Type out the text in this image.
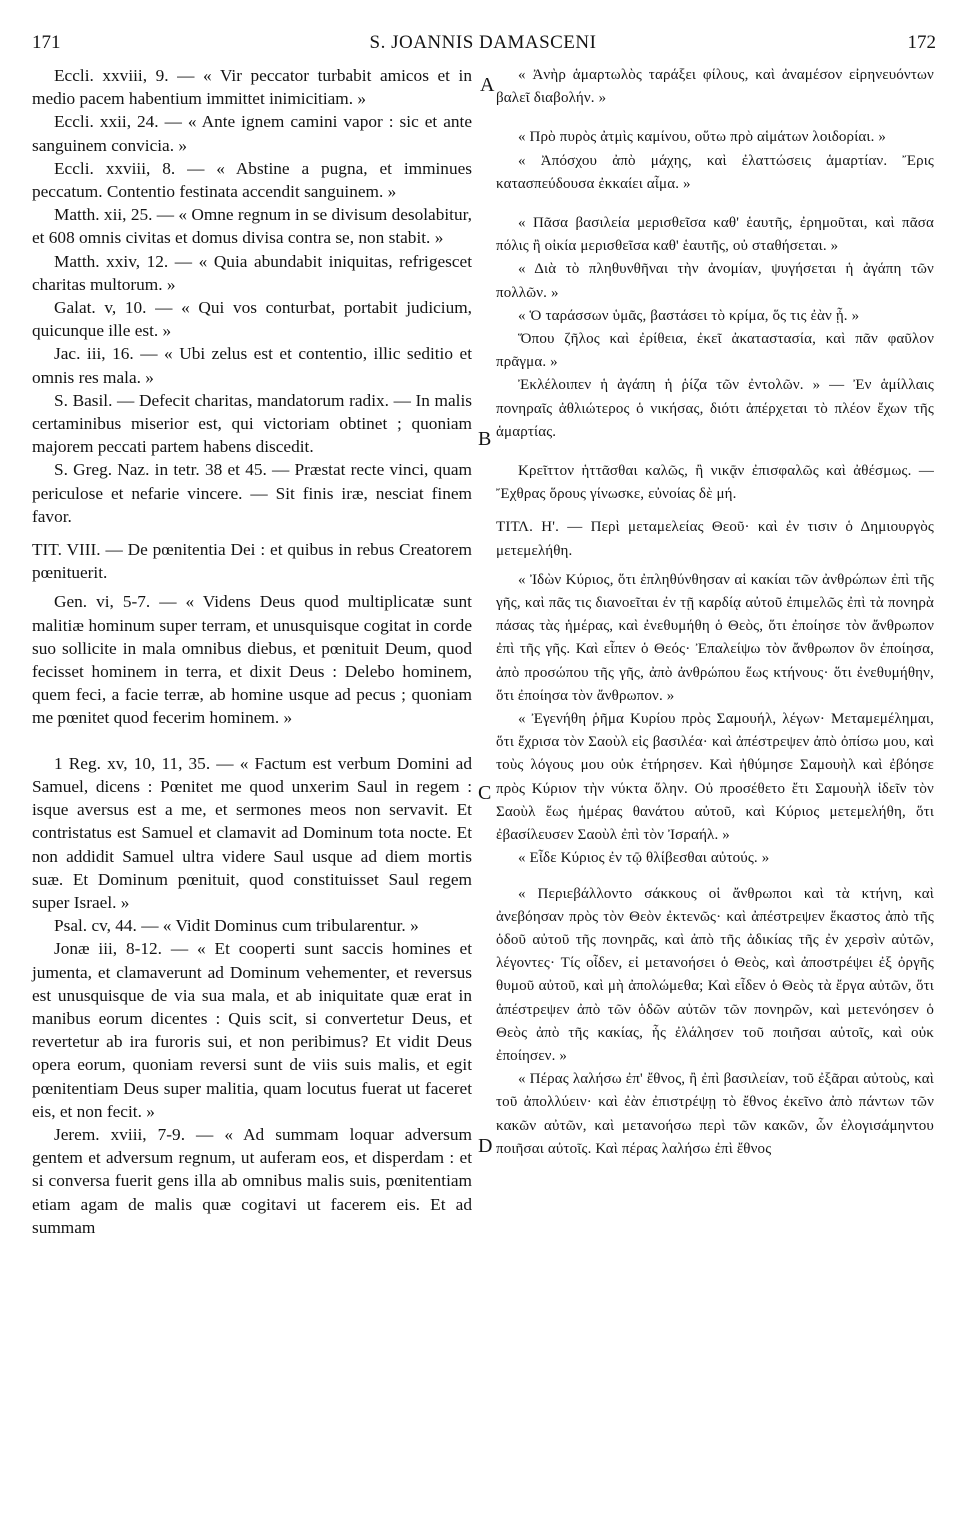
171	S. JOANNIS DAMASCENI	172
A
B
C
D

Eccli. xxviii, 9. — « Vir peccator turbabit amicos et in medio pacem habentium immittet inimicitiam. »

Eccli. xxii, 24. — « Ante ignem camini vapor : sic et ante sanguinem convicia. »

Eccli. xxviii, 8. — « Abstine a pugna, et imminues peccatum. Contentio festinata accendit sanguinem. »

Matth. xii, 25. — « Omne regnum in se divisum desolabitur, et 608 omnis civitas et domus divisa contra se, non stabit. »

Matth. xxiv, 12. — « Quia abundabit iniquitas, refrigescet charitas multorum. »

Galat. v, 10. — « Qui vos conturbat, portabit judicium, quicunque ille est. »

Jac. iii, 16. — « Ubi zelus est et contentio, illic seditio et omnis res mala. »

S. Basil. — Defecit charitas, mandatorum radix. — In malis certaminibus miserior est, qui victoriam obtinet ; quoniam majorem peccati partem habens discedit.

S. Greg. Naz. in tetr. 38 et 45. — Præstat recte vinci, quam periculose et nefarie vincere. — Sit finis iræ, nesciat finem favor.

TIT. VIII. — De pœnitentia Dei : et quibus in rebus Creatorem pœnituerit.

Gen. vi, 5-7. — « Videns Deus quod multiplicatæ sunt malitiæ hominum super terram, et unusquisque cogitat in corde suo sollicite in mala omnibus diebus, et pœnituit Deum, quod fecisset hominem in terra, et dixit Deus : Delebo hominem, quem feci, a facie terræ, ab homine usque ad pecus ; quoniam me pœnitet quod fecerim hominem. »

1 Reg. xv, 10, 11, 35. — « Factum est verbum Domini ad Samuel, dicens : Pœnitet me quod unxerim Saul in regem : isque aversus est a me, et sermones meos non servavit. Et contristatus est Samuel et clamavit ad Dominum tota nocte. Et non addidit Samuel ultra videre Saul usque ad diem mortis suæ. Et Dominum pœnituit, quod constituisset Saul regem super Israel. »

Psal. cv, 44. — « Vidit Dominus cum tribularentur. »

Jonæ iii, 8-12. — « Et cooperti sunt saccis homines et jumenta, et clamaverunt ad Dominum vehementer, et reversus est unusquisque de via sua mala, et ab iniquitate quæ erat in manibus eorum dicentes : Quis scit, si convertetur Deus, et revertetur ab ira furoris sui, et non peribimus? Et vidit Deus opera eorum, quoniam reversi sunt de viis suis malis, et egit pœnitentiam Deus super malitia, quam locutus fuerat ut faceret eis, et non fecit. »

Jerem. xviii, 7-9. — « Ad summam loquar adversum gentem et adversum regnum, ut auferam eos, et disperdam : et si conversa fuerit gens illa ab omnibus malis suis, pœnitentiam etiam agam de malis quæ cogitavi ut facerem eis. Et ad summam

« Ἀνὴρ ἁμαρτωλὸς ταράξει φίλους, καὶ ἀναμέσον εἰρηνευόντων βαλεῖ διαβολήν. »

« Πρὸ πυρὸς ἀτμὶς καμίνου, οὕτω πρὸ αἱμάτων λοιδορίαι. »

« Ἀπόσχου ἀπὸ μάχης, καὶ ἐλαττώσεις ἁμαρτίαν. Ἔρις κατασπεύδουσα ἐκκαίει αἷμα. »

« Πᾶσα βασιλεία μερισθεῖσα καθ' ἑαυτῆς, ἐρημοῦται, καὶ πᾶσα πόλις ἢ οἰκία μερισθεῖσα καθ' ἑαυτῆς, οὐ σταθήσεται. »

« Διὰ τὸ πληθυνθῆναι τὴν ἀνομίαν, ψυγήσεται ἡ ἀγάπη τῶν πολλῶν. »

« Ὁ ταράσσων ὑμᾶς, βαστάσει τὸ κρίμα, ὅς τις ἐὰν ᾖ. »

Ὅπου ζῆλος καὶ ἐρίθεια, ἐκεῖ ἀκαταστασία, καὶ πᾶν φαῦλον πρᾶγμα. »

Ἐκλέλοιπεν ἡ ἀγάπη ἡ ῥίζα τῶν ἐντολῶν. » — Ἐν ἁμίλλαις πονηραῖς ἀθλιώτερος ὁ νικήσας, διότι ἀπέρχεται τὸ πλέον ἔχων τῆς ἁμαρτίας.

Κρεῖττον ἡττᾶσθαι καλῶς, ἢ νικᾷν ἐπισφαλῶς καὶ ἀθέσμως. — Ἔχθρας ὅρους γίνωσκε, εὐνοίας δὲ μή.

ΤΙΤΛ. Η'. — Περὶ μεταμελείας Θεοῦ· καὶ ἐν τισιν ὁ Δημιουργὸς μετεμελήθη.

« Ἰδὼν Κύριος, ὅτι ἐπληθύνθησαν αἱ κακίαι τῶν ἀνθρώπων ἐπὶ τῆς γῆς, καὶ πᾶς τις διανοεῖται ἐν τῇ καρδίᾳ αὐτοῦ ἐπιμελῶς ἐπὶ τὰ πονηρὰ πάσας τὰς ἡμέρας, καὶ ἐνεθυμήθη ὁ Θεὸς, ὅτι ἐποίησε τὸν ἄνθρωπον ἐπὶ τῆς γῆς. Καὶ εἶπεν ὁ Θεός· Ἐπαλείψω τὸν ἄνθρωπον ὃν ἐποίησα, ἀπὸ προσώπου τῆς γῆς, ἀπὸ ἀνθρώπου ἕως κτήνους· ὅτι ἐνεθυμήθην, ὅτι ἐποίησα τὸν ἄνθρωπον. »

« Ἐγενήθη ῥῆμα Κυρίου πρὸς Σαμουήλ, λέγων· Μεταμεμέλημαι, ὅτι ἔχρισα τὸν Σαοὺλ εἰς βασιλέα· καὶ ἀπέστρεψεν ἀπὸ ὀπίσω μου, καὶ τοὺς λόγους μου οὐκ ἐτήρησεν. Καὶ ἠθύμησε Σαμουὴλ καὶ ἐβόησε πρὸς Κύριον τὴν νύκτα ὅλην. Οὐ προσέθετο ἔτι Σαμουὴλ ἰδεῖν τὸν Σαοὺλ ἕως ἡμέρας θανάτου αὐτοῦ, καὶ Κύριος μετεμελήθη, ὅτι ἐβασίλευσεν Σαοὺλ ἐπὶ τὸν Ἰσραήλ. »

« Εἶδε Κύριος ἐν τῷ θλίβεσθαι αὐτούς. »

« Περιεβάλλοντο σάκκους οἱ ἄνθρωποι καὶ τὰ κτήνη, καὶ ἀνεβόησαν πρὸς τὸν Θεὸν ἐκτενῶς· καὶ ἀπέστρεψεν ἕκαστος ἀπὸ τῆς ὁδοῦ αὐτοῦ τῆς πονηρᾶς, καὶ ἀπὸ τῆς ἀδικίας τῆς ἐν χερσὶν αὐτῶν, λέγοντες· Τίς οἶδεν, εἰ μετανοήσει ὁ Θεὸς, καὶ ἀποστρέψει ἐξ ὀργῆς θυμοῦ αὐτοῦ, καὶ μὴ ἀπολώμεθα; Καὶ εἶδεν ὁ Θεὸς τὰ ἔργα αὐτῶν, ὅτι ἀπέστρεψεν ἀπὸ τῶν ὁδῶν αὐτῶν τῶν πονηρῶν, καὶ μετενόησεν ὁ Θεὸς ἀπὸ τῆς κακίας, ἧς ἐλάλησεν τοῦ ποιῆσαι αὐτοῖς, καὶ οὐκ ἐποίησεν. »

« Πέρας λαλήσω ἐπ' ἔθνος, ἢ ἐπὶ βασιλείαν, τοῦ ἐξᾶραι αὐτοὺς, καὶ τοῦ ἀπολλύειν· καὶ ἐὰν ἐπιστρέψῃ τὸ ἔθνος ἐκεῖνο ἀπὸ πάντων τῶν κακῶν αὐτῶν, καὶ μετανοήσω περὶ τῶν κακῶν, ὧν ἐλογισάμηντου ποιῆσαι αὐτοῖς. Καὶ πέρας λαλήσω ἐπὶ ἔθνος
